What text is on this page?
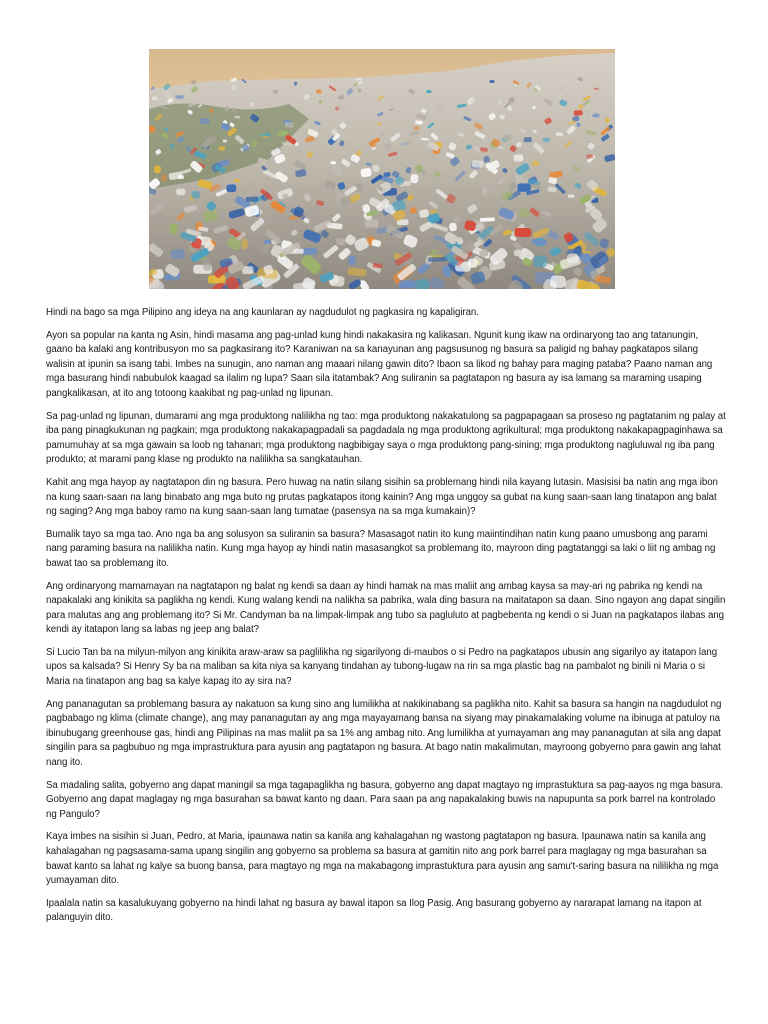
Hindi na bago sa mga Pilipino ang ideya na ang kaunlaran ay nagdudulot ng pagkasira ng kapaligiran.

Ayon sa popular na kanta ng Asin, hindi masama ang pag-unlad kung hindi nakakasira ng kalikasan. Ngunit kung ikaw na ordinaryong tao ang tatanungin, gaano ba kalaki ang kontribusyon mo sa pagkasirang ito? Karaniwan na sa kanayunan ang pagsusunog ng basura sa paligid ng bahay pagkatapos silang walisin at ipunin sa isang tabi. Imbes na sunugin, ano naman ang maaari nilang gawin dito? Ibaon sa likod ng bahay para maging pataba? Paano naman ang mga basurang hindi nabubulok kaagad sa ilalim ng lupa? Saan sila itatambak? Ang suliranin sa pagtatapon ng basura ay isa lamang sa maraming usaping pangkalikasan, at ito ang totoong kaakibat ng pag-unlad ng lipunan.

Sa pag-unlad ng lipunan, dumarami ang mga produktong nalilikha ng tao: mga produktong nakakatulong sa pagpapagaan sa proseso ng pagtatanim ng palay at iba pang pinagkukunan ng pagkain; mga produktong nakakapagpadali sa pagdadala ng mga produktong agrikultural; mga produktong nakakapagpaginhawa sa pamumuhay at sa mga gawain sa loob ng tahanan; mga produktong nagbibigay saya o mga produktong pang-sining; mga produktong nagluluwal ng iba pang produkto; at marami pang klase ng produkto na nalilikha sa sangkatauhan.

Kahit ang mga hayop ay nagtatapon din ng basura. Pero huwag na natin silang sisihin sa problemang hindi nila kayang lutasin. Masisisi ba natin ang mga ibon na kung saan-saan na lang binabato ang mga buto ng prutas pagkatapos itong kainin? Ang mga unggoy sa gubat na kung saan-saan lang tinatapon ang balat ng saging? Ang mga baboy ramo na kung saan-saan lang tumatae (pasensya na sa mga kumakain)?

Bumalik tayo sa mga tao. Ano nga ba ang solusyon sa suliranin sa basura? Masasagot natin ito kung maiintindihan natin kung paano umusbong ang parami nang paraming basura na nalilikha natin. Kung mga hayop ay hindi natin masasangkot sa problemang ito, mayroon ding pagtatanggi sa laki o liit ng ambag ng bawat tao sa problemang ito.

Ang ordinaryong mamamayan na nagtatapon ng balat ng kendi sa daan ay hindi hamak na mas maliit ang ambag kaysa sa may-ari ng pabrika ng kendi na napakalaki ang kinikita sa paglikha ng kendi. Kung walang kendi na nalikha sa pabrika, wala ding basura na maitatapon sa daan. Sino ngayon ang dapat singilin para malutas ang ang problemang ito? Si Mr. Candyman ba na limpak-limpak ang tubo sa pagluluto at pagbebenta ng kendi o si Juan na pagkatapos ilabas ang kendi ay itatapon lang sa labas ng jeep ang balat?

Si Lucio Tan ba na milyun-milyon ang kinikita araw-araw sa paglilikha ng sigarilyong di-maubos o si Pedro na pagkatapos ubusin ang sigarilyo ay itatapon lang upos sa kalsada? Si Henry Sy ba na maliban sa kita niya sa kanyang tindahan ay tubong-lugaw na rin sa mga plastic bag na pambalot ng binili ni Maria o si Maria na tinatapon ang bag sa kalye kapag ito ay sira na?

Ang pananagutan sa problemang basura ay nakatuon sa kung sino ang lumilikha at nakikinabang sa paglikha nito. Kahit sa basura sa hangin na nagdudulot ng pagbabago ng klima (climate change), ang may pananagutan ay ang mga mayayamang bansa na siyang may pinakamalaking volume na ibinuga at patuloy na ibinubugang greenhouse gas, hindi ang Pilipinas na mas maliit pa sa 1% ang ambag nito. Ang lumilikha at yumayaman ang may pananagutan at sila ang dapat singilin para sa pagbubuo ng mga imprastruktura para ayusin ang pagtatapon ng basura. At bago natin makalimutan, mayroong gobyerno para gawin ang lahat nang ito.

Sa madaling salita, gobyerno ang dapat maningil sa mga tagapaglikha ng basura, gobyerno ang dapat magtayo ng imprastuktura sa pag-aayos ng mga basura. Gobyerno ang dapat maglagay ng mga basurahan sa bawat kanto ng daan. Para saan pa ang napakalaking buwis na napupunta sa pork barrel na kontrolado ng Pangulo?

Kaya imbes na sisihin si Juan, Pedro, at Maria, ipaunawa natin sa kanila ang kahalagahan ng wastong pagtatapon ng basura. Ipaunawa natin sa kanila ang kahalagahan ng pagsasama-sama upang singilin ang gobyerno sa problema sa basura at gamitin nito ang pork barrel para maglagay ng mga basurahan sa bawat kanto sa lahat ng kalye sa buong bansa, para magtayo ng mga na makabagong imprastuktura para ayusin ang samu't-saring basura na nililikha ng mga yumayaman dito.

Ipaalala natin sa kasalukuyang gobyerno na hindi lahat ng basura ay bawal itapon sa Ilog Pasig. Ang basurang gobyerno ay nararapat lamang na itapon at palanguyin dito.
